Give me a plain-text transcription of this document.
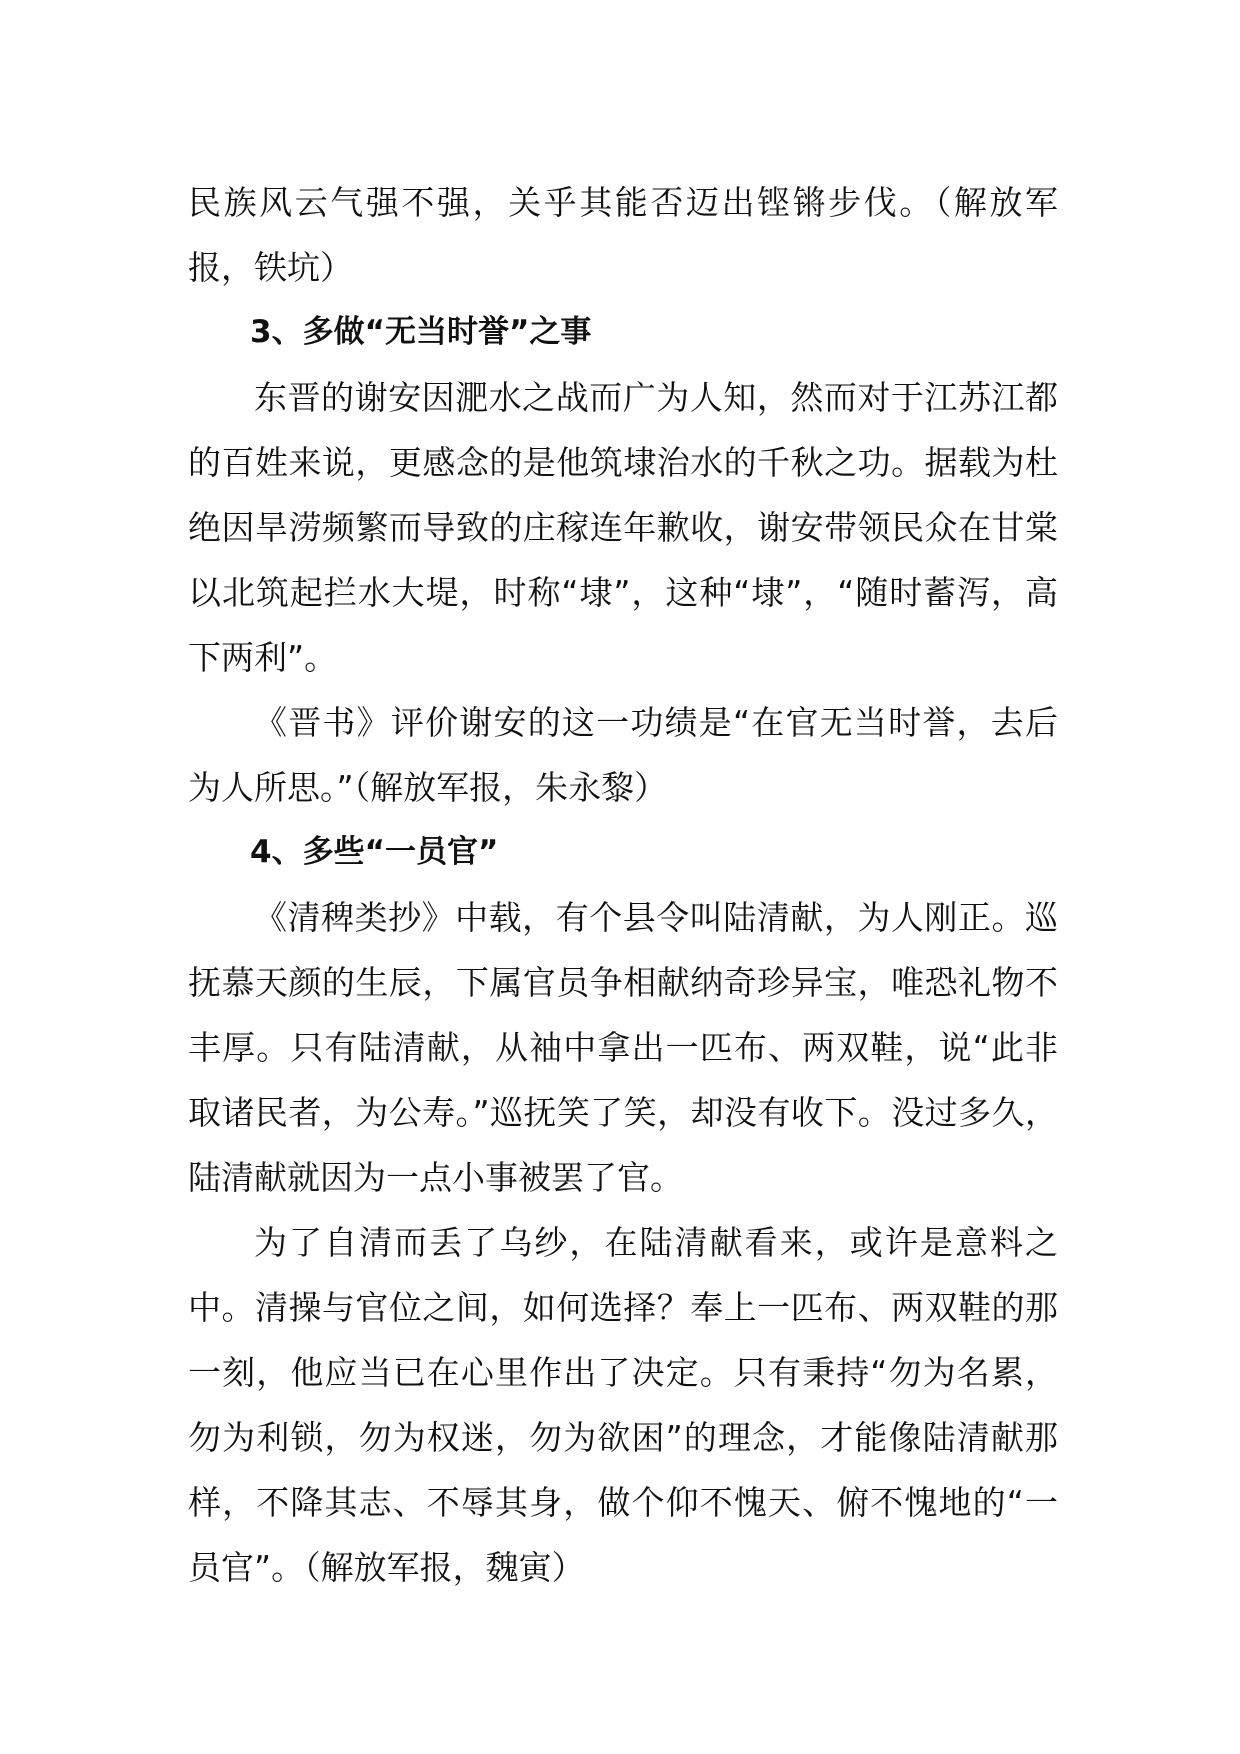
民族风云气强不强，关乎其能否迈出铿锵步伐。（解放军报，铁坑）

3、多做“无当时誉”之事

东晋的谢安因淝水之战而广为人知，然而对于江苏江都的百姓来说，更感念的是他筑埭治水的千秋之功。据载为杜绝因旱涝频繁而导致的庄稼连年歉收，谢安带领民众在甘棠以北筑起拦水大堤，时称“埭”，这种“埭”，“随时蓄泻，高下两利”。

《晋书》评价谢安的这一功绩是“在官无当时誉，去后为人所思。”（解放军报，朱永黎）

4、多些“一员官”

《清稗类抄》中载，有个县令叫陆清献，为人刚正。巡抚慕天颜的生辰，下属官员争相献纳奇珍异宝，唯恐礼物不丰厚。只有陆清献，从袖中拿出一匹布、两双鞋，说“此非取诸民者，为公寿。”巡抚笑了笑，却没有收下。没过多久，陆清献就因为一点小事被罢了官。

为了自清而丢了乌纱，在陆清献看来，或许是意料之中。清操与官位之间，如何选择？奉上一匹布、两双鞋的那一刻，他应当已在心里作出了决定。只有秉持“勿为名累，勿为利锁，勿为权迷，勿为欲困”的理念，才能像陆清献那样，不降其志、不辱其身，做个仰不愧天、俯不愧地的“一员官”。（解放军报，魏寅）
